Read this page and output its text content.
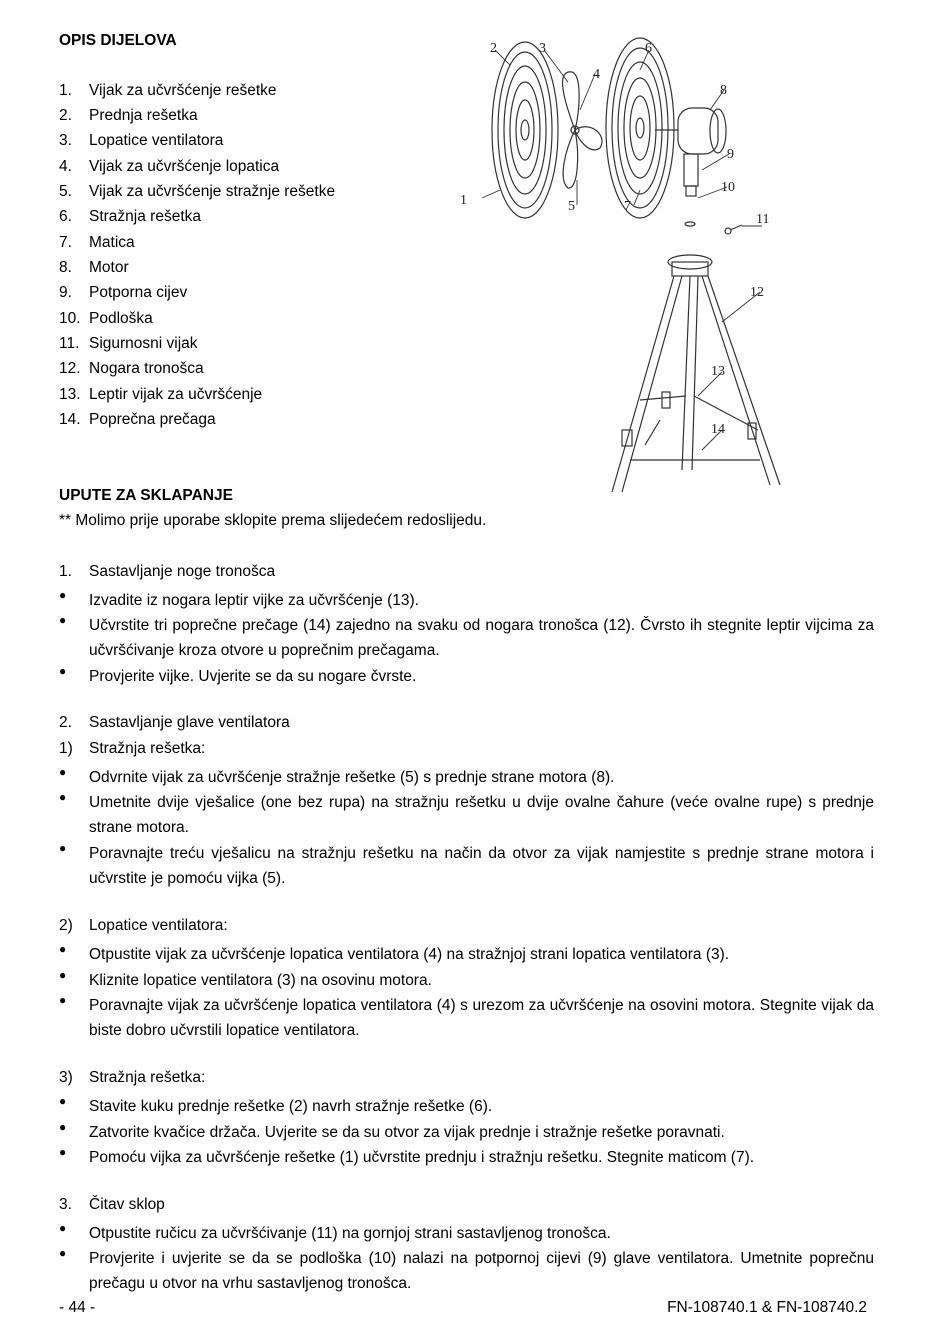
OPIS DIJELOVA
1. Vijak za učvršćenje rešetke
2. Prednja rešetka
3. Lopatice ventilatora
4. Vijak za učvršćenje lopatica
5. Vijak za učvršćenje stražnje rešetke
6. Stražnja rešetka
7. Matica
8. Motor
9. Potporna cijev
10. Podloška
11. Sigurnosni vijak
12. Nogara tronošca
13. Leptir vijak za učvršćenje
14. Poprečna prečaga
1
2	3
4
5
6
7
8
9
10
11
12
13
14
UPUTE ZA SKLAPANJE
** Molimo prije uporabe sklopite prema slijedećem redoslijedu.
1. Sastavljanje noge tronošca
● Izvadite iz nogara leptir vijke za učvršćenje (13).
● Učvrstite tri poprečne prečage (14) zajedno na svaku od nogara tronošca (12). Čvrsto ih stegnite leptir vijcima za učvršćivanje kroza otvore u poprečnim prečagama.
● Provjerite vijke. Uvjerite se da su nogare čvrste.
2. Sastavljanje glave ventilatora
1) Stražnja rešetka:
● Odvrnite vijak za učvršćenje stražnje rešetke (5) s prednje strane motora (8).
● Umetnite dvije vješalice (one bez rupa) na stražnju rešetku u dvije ovalne čahure (veće ovalne rupe) s prednje strane motora.
● Poravnajte treću vješalicu na stražnju rešetku na način da otvor za vijak namjestite s prednje strane motora i učvrstite je pomoću vijka (5).
2) Lopatice ventilatora:
● Otpustite vijak za učvršćenje lopatica ventilatora (4) na stražnjoj strani lopatica ventilatora (3).
● Kliznite lopatice ventilatora (3) na osovinu motora.
● Poravnajte vijak za učvršćenje lopatica ventilatora (4) s urezom za učvršćenje na osovini motora. Stegnite vijak da biste dobro učvrstili lopatice ventilatora.
3) Stražnja rešetka:
● Stavite kuku prednje rešetke (2) navrh stražnje rešetke (6).
● Zatvorite kvačice držača. Uvjerite se da su otvor za vijak prednje i stražnje rešetke poravnati.
● Pomoću vijka za učvršćenje rešetke (1) učvrstite prednju i stražnju rešetku. Stegnite maticom (7).
3. Čitav sklop
● Otpustite ručicu za učvršćivanje (11) na gornjoj strani sastavljenog tronošca.
● Provjerite i uvjerite se da se podloška (10) nalazi na potpornoj cijevi (9) glave ventilatora. Umetnite poprečnu prečagu u otvor na vrhu sastavljenog tronošca.
- 44 -	FN-108740.1 & FN-108740.2
